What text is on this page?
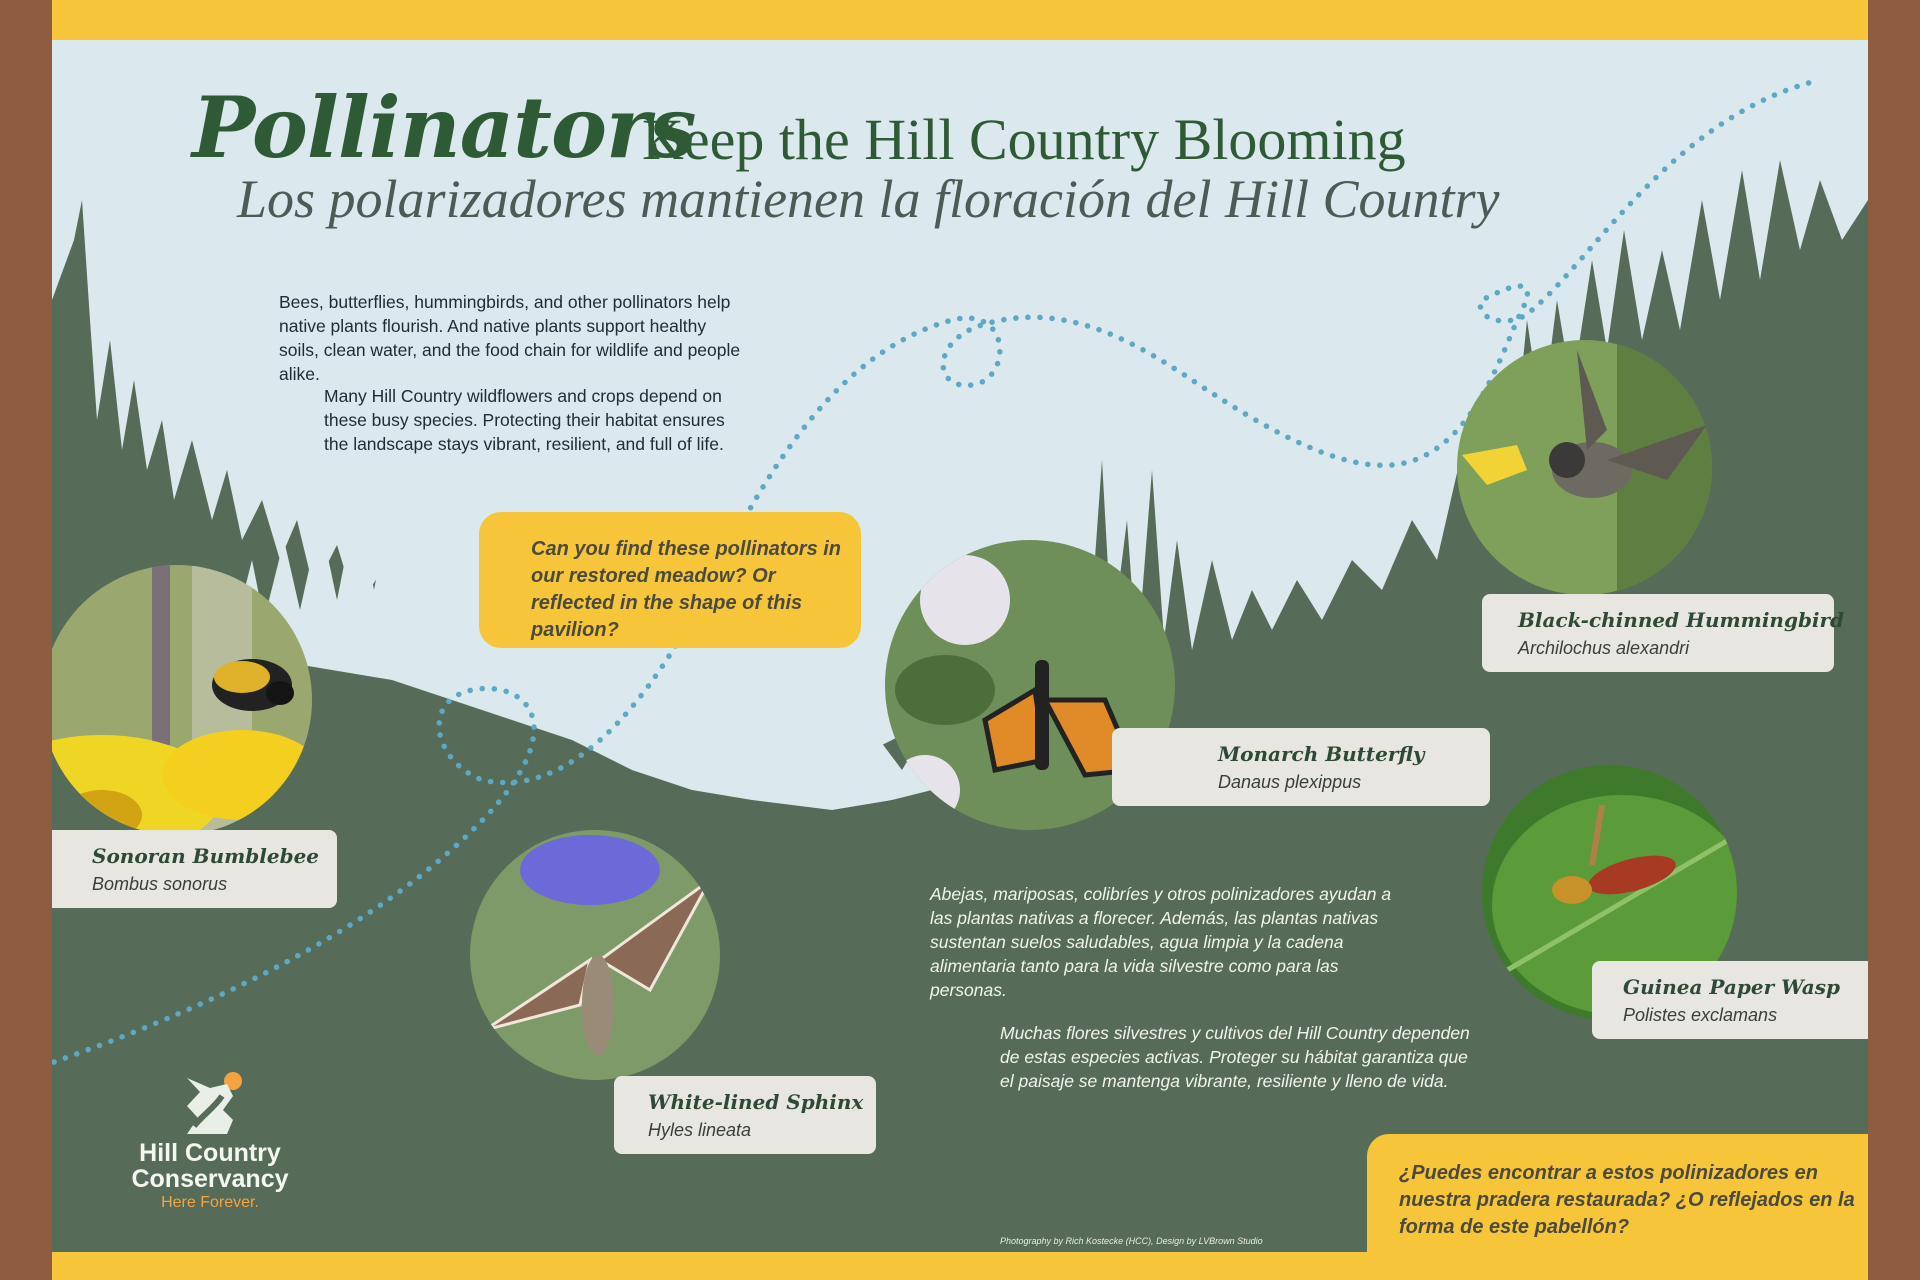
Pollinators
Keep the Hill Country Blooming
Los polarizadores mantienen la floración del Hill Country
Bees, butterflies, hummingbirds, and other pollinators help native plants flourish. And native plants support healthy soils, clean water, and the food chain for wildlife and people alike.
Many Hill Country wildflowers and crops depend on these busy species. Protecting their habitat ensures the landscape stays vibrant, resilient, and full of life.
Can you find these pollinators in our restored meadow? Or reflected in the shape of this pavilion?
Sonoran Bumblebee
Bombus sonorus
Monarch Butterfly
Danaus plexippus
Black-chinned Hummingbird
Archilochus alexandri
White-lined Sphinx
Hyles lineata
Guinea Paper Wasp
Polistes exclamans
Abejas, mariposas, colibríes y otros polinizadores ayudan a las plantas nativas a florecer. Además, las plantas nativas sustentan suelos saludables, agua limpia y la cadena alimentaria tanto para la vida silvestre como para las personas.
Muchas flores silvestres y cultivos del Hill Country dependen de estas especies activas. Proteger su hábitat garantiza que el paisaje se mantenga vibrante, resiliente y lleno de vida.
¿Puedes encontrar a estos polinizadores en nuestra pradera restaurada? ¿O reflejados en la forma de este pabellón?
Photography by Rich Kostecke (HCC), Design by LVBrown Studio
Hill Country
Conservancy
Here Forever.
